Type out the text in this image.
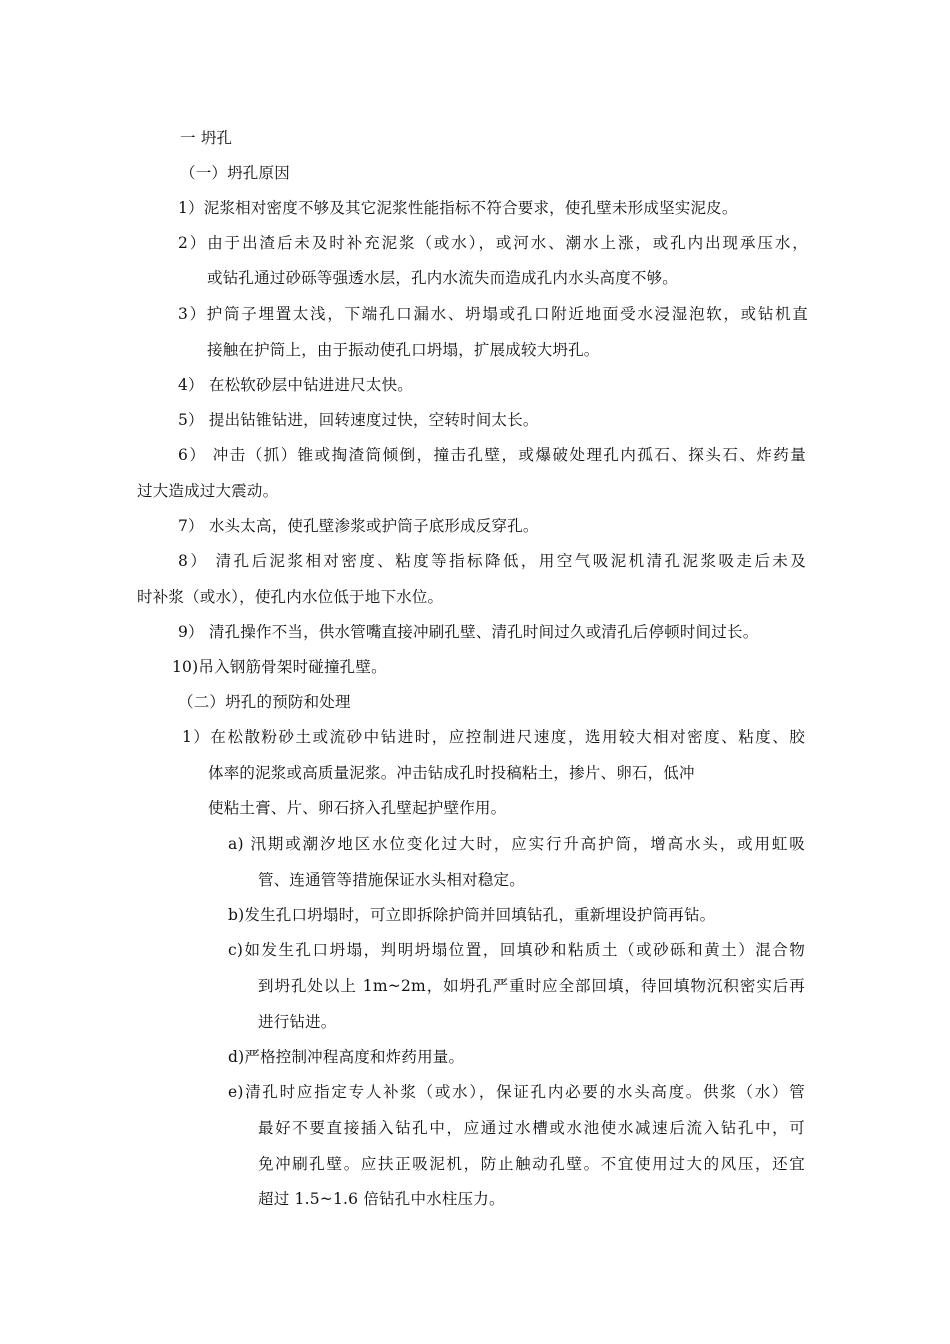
一 坍孔
（一）坍孔原因
1）泥浆相对密度不够及其它泥浆性能指标不符合要求，使孔壁未形成坚实泥皮。
2）由于出渣后未及时补充泥浆（或水），或河水、潮水上涨，或孔内出现承压水，
或钻孔通过砂砾等强透水层，孔内水流失而造成孔内水头高度不够。
3）护筒子埋置太浅，下端孔口漏水、坍塌或孔口附近地面受水浸湿泡软，或钻机直
接触在护筒上，由于振动使孔口坍塌，扩展成较大坍孔。
4） 在松软砂层中钻进进尺太快。
5） 提出钻锥钻进，回转速度过快，空转时间太长。
6） 冲击（抓）锥或掏渣筒倾倒，撞击孔壁，或爆破处理孔内孤石、探头石、炸药量
过大造成过大震动。
7） 水头太高，使孔壁渗浆或护筒子底形成反穿孔。
8） 清孔后泥浆相对密度、粘度等指标降低，用空气吸泥机清孔泥浆吸走后未及
时补浆（或水），使孔内水位低于地下水位。
9） 清孔操作不当，供水管嘴直接冲刷孔壁、清孔时间过久或清孔后停顿时间过长。
10)吊入钢筋骨架时碰撞孔壁。
（二）坍孔的预防和处理
1）在松散粉砂土或流砂中钻进时，应控制进尺速度，选用较大相对密度、粘度、胶
体率的泥浆或高质量泥浆。冲击钻成孔时投稿粘土，掺片、卵石，低冲
使粘土膏、片、卵石挤入孔壁起护壁作用。
a) 汛期或潮汐地区水位变化过大时，应实行升高护筒，增高水头，或用虹吸
管、连通管等措施保证水头相对稳定。
b)发生孔口坍塌时，可立即拆除护筒并回填钻孔，重新埋设护筒再钻。
c)如发生孔口坍塌，判明坍塌位置，回填砂和粘质土（或砂砾和黄土）混合物
到坍孔处以上 1m~2m，如坍孔严重时应全部回填，待回填物沉积密实后再
进行钻进。
d)严格控制冲程高度和炸药用量。
e)清孔时应指定专人补浆（或水），保证孔内必要的水头高度。供浆（水）管
最好不要直接插入钻孔中，应通过水槽或水池使水减速后流入钻孔中，可
免冲刷孔壁。应扶正吸泥机，防止触动孔壁。不宜使用过大的风压，还宜
超过 1.5~1.6 倍钻孔中水柱压力。
